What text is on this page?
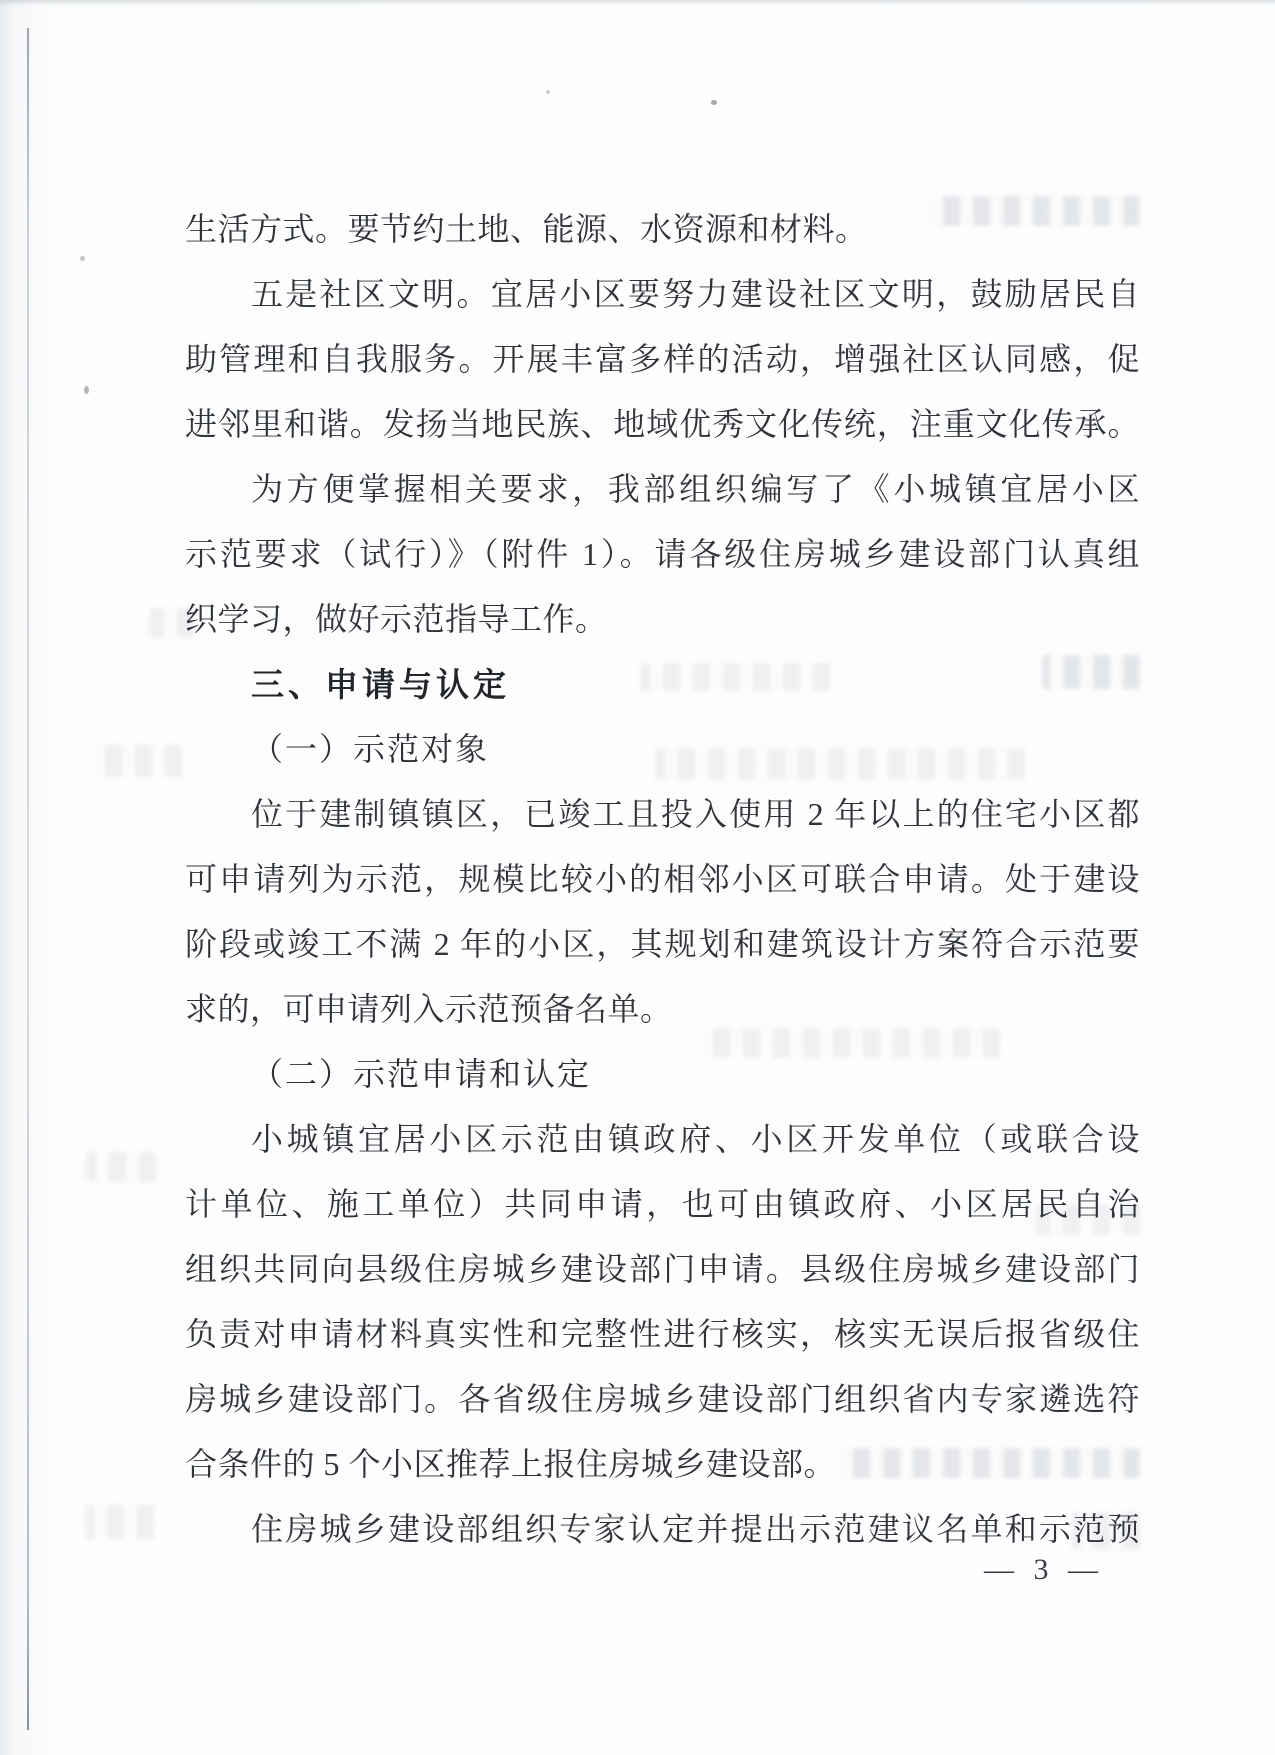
生活方式。要节约土地、能源、水资源和材料。
五是社区文明。宜居小区要努力建设社区文明，鼓励居民自
助管理和自我服务。开展丰富多样的活动，增强社区认同感，促
进邻里和谐。发扬当地民族、地域优秀文化传统，注重文化传承。
为方便掌握相关要求，我部组织编写了《小城镇宜居小区
示范要求（试行）》（附件 1）。请各级住房城乡建设部门认真组
织学习，做好示范指导工作。
三、申请与认定
（一）示范对象
位于建制镇镇区，已竣工且投入使用 2 年以上的住宅小区都
可申请列为示范，规模比较小的相邻小区可联合申请。处于建设
阶段或竣工不满 2 年的小区，其规划和建筑设计方案符合示范要
求的，可申请列入示范预备名单。
（二）示范申请和认定
小城镇宜居小区示范由镇政府、小区开发单位（或联合设
计单位、施工单位）共同申请，也可由镇政府、小区居民自治
组织共同向县级住房城乡建设部门申请。县级住房城乡建设部门
负责对申请材料真实性和完整性进行核实，核实无误后报省级住
房城乡建设部门。各省级住房城乡建设部门组织省内专家遴选符
合条件的 5 个小区推荐上报住房城乡建设部。
住房城乡建设部组织专家认定并提出示范建议名单和示范预
— 3 —
